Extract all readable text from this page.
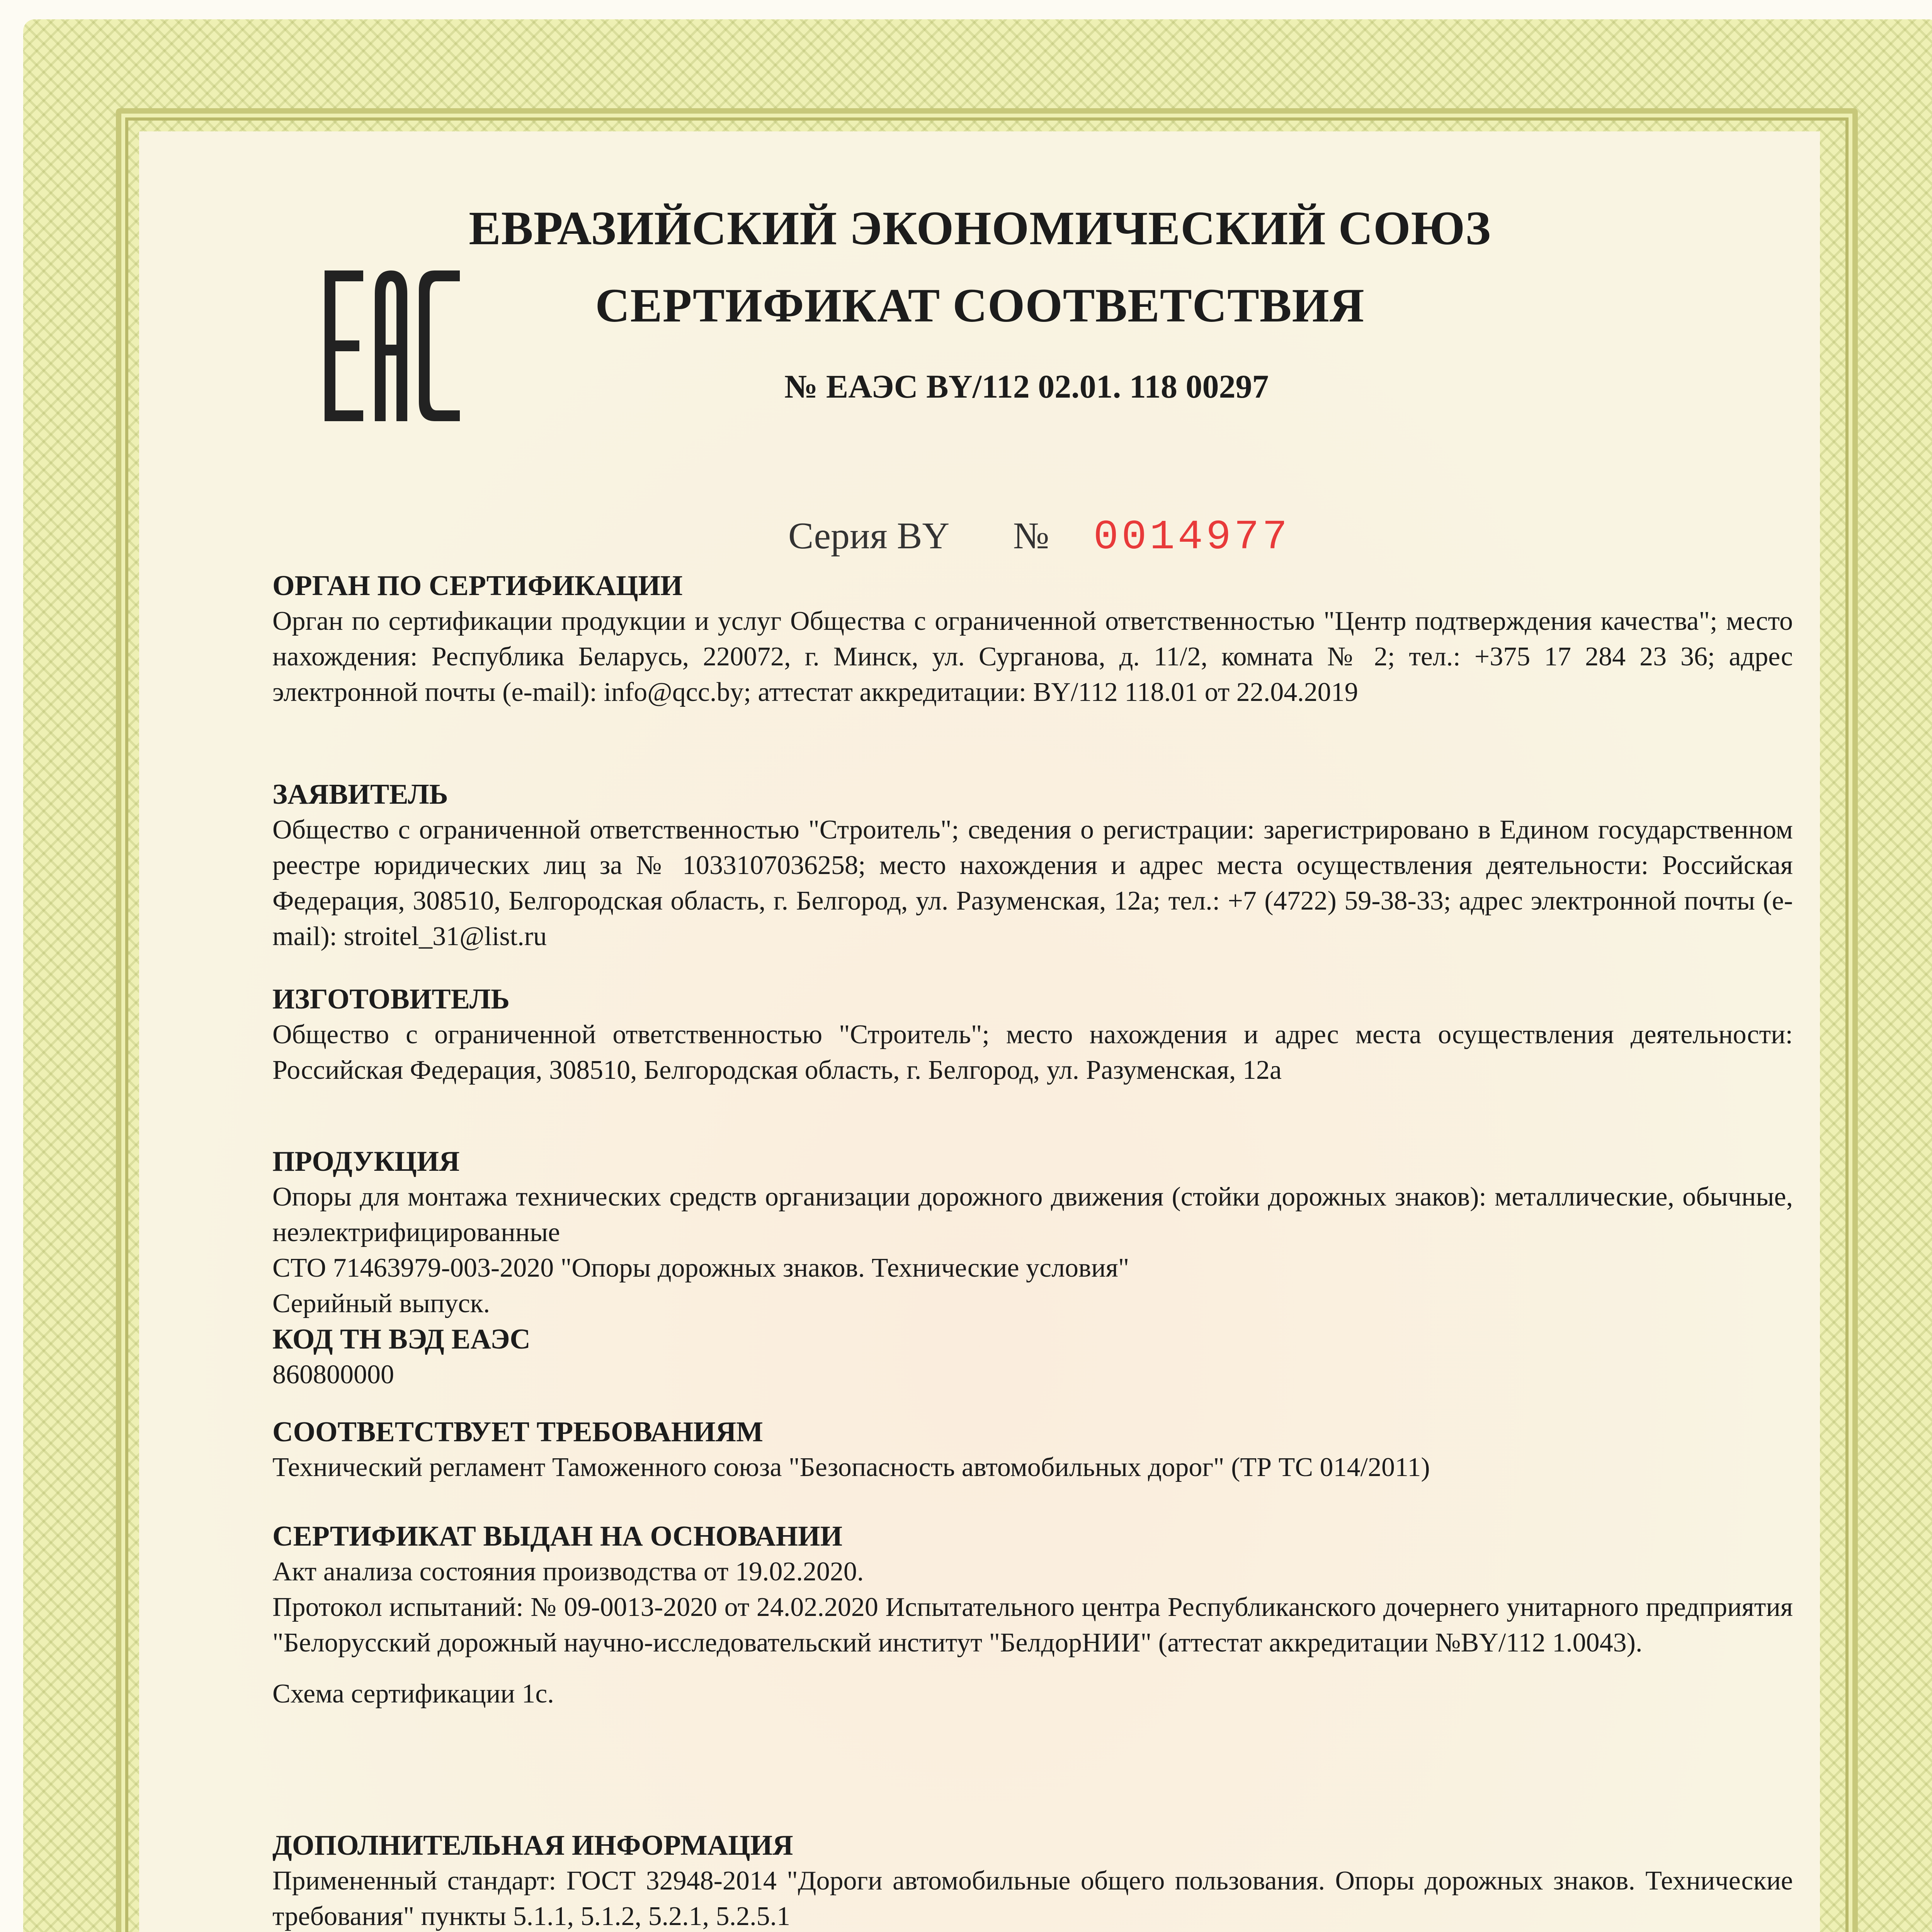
ЕВРАЗИЙСКИЙ ЭКОНОМИЧЕСКИЙ СОЮЗ
СЕРТИФИКАТ СООТВЕТСТВИЯ
№ ЕАЭС BY/112 02.01. 118 00297
Серия BY № 0014977
ОРГАН ПО СЕРТИФИКАЦИИ
Орган по сертификации продукции и услуг Общества с ограниченной ответственностью "Центр подтверждения качества"; место нахождения: Республика Беларусь, 220072, г. Минск, ул. Сурганова, д. 11/2, комната № 2; тел.: +375 17 284 23 36; адрес электронной почты (e-mail): info@qcc.by; аттестат аккредитации: BY/112 118.01 от 22.04.2019
ЗАЯВИТЕЛЬ
Общество с ограниченной ответственностью "Строитель"; сведения о регистрации: зарегистрировано в Едином государственном реестре юридических лиц за № 1033107036258; место нахождения и адрес места осуществления деятельности: Российская Федерация, 308510, Белгородская область, г. Белгород, ул. Разуменская, 12а; тел.: +7 (4722) 59-38-33; адрес электронной почты (e-mail): stroitel_31@list.ru
ИЗГОТОВИТЕЛЬ
Общество с ограниченной ответственностью "Строитель"; место нахождения и адрес места осуществления деятельности: Российская Федерация, 308510, Белгородская область, г. Белгород, ул. Разуменская, 12а
ПРОДУКЦИЯ

Опоры для монтажа технических средств организации дорожного движения (стойки дорожных знаков): металлические, обычные, неэлектрифицированные

СТО 71463979-003-2020 "Опоры дорожных знаков. Технические условия"

Серийный выпуск.

КОД ТН ВЭД ЕАЭС
860800000
СООТВЕТСТВУЕТ ТРЕБОВАНИЯМ
Технический регламент Таможенного союза "Безопасность автомобильных дорог" (ТР ТС 014/2011)
СЕРТИФИКАТ ВЫДАН НА ОСНОВАНИИ

Акт анализа состояния производства от 19.02.2020.

Протокол испытаний: № 09-0013-2020 от 24.02.2020 Испытательного центра Республиканского дочернего унитарного предприятия "Белорусский дорожный научно-исследовательский институт "БелдорНИИ" (аттестат аккредитации №BY/112 1.0043).

Схема сертификации 1с.

ДОПОЛНИТЕЛЬНАЯ ИНФОРМАЦИЯ
Примененный стандарт: ГОСТ 32948-2014 "Дороги автомобильные общего пользования. Опоры дорожных знаков. Технические требования" пункты 5.1.1, 5.1.2, 5.2.1, 5.2.5.1
